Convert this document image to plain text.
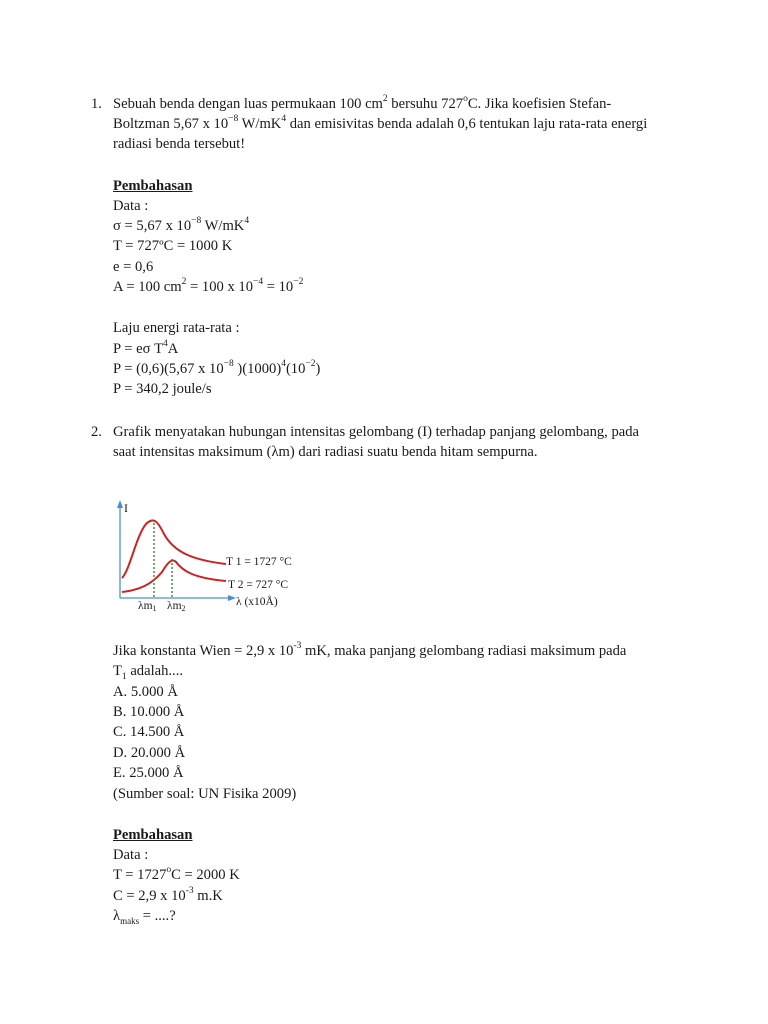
1. Sebuah benda dengan luas permukaan 100 $cm^2$ bersuhu 727$^o$C. Jika koefisien Stefan-
Boltzman 5,67 x $10^{-8}$ $W/mK^4$ dan emisivitas benda adalah 0,6 tentukan laju rata-rata energi
radiasi benda tersebut!
Pembahasan
Data :
σ = 5,67 x $10^{-8}$ $W/mK^4$
T = 727ºC = 1000 K
e = 0,6
A = 100 $cm^2 = 100$ x $10^{-4} = 10^{-2}$
Laju energi rata-rata :
P = eσ $T^4A$
P = (0,6)(5,67 x $10^{-8}$ )$(1000)^4(10^{-2})$
P = 340,2 joule/s
2. Grafik menyatakan hubungan intensitas gelombang (I) terhadap panjang gelombang, pada
saat intensitas maksimum (λm) dari radiasi suatu benda hitam sempurna.
I
T 1 = 1727 °C
T 2 = 727 °C
λm1 λm2
λ (x10Å)
Jika konstanta Wien = 2,9 x $10^{-3}$ mK, maka panjang gelombang radiasi maksimum pada
$T_1$ adalah....
A. 5.000 Å
B. 10.000 Å
C. 14.500 Å
D. 20.000 Å
E. 25.000 Å
(Sumber soal: UN Fisika 2009)
Pembahasan
Data :
$T = 1727^oC = 2000$ K
C = 2,9 x $10^{-3}$ m.K
$\lambda_{maks}$ = ....?
